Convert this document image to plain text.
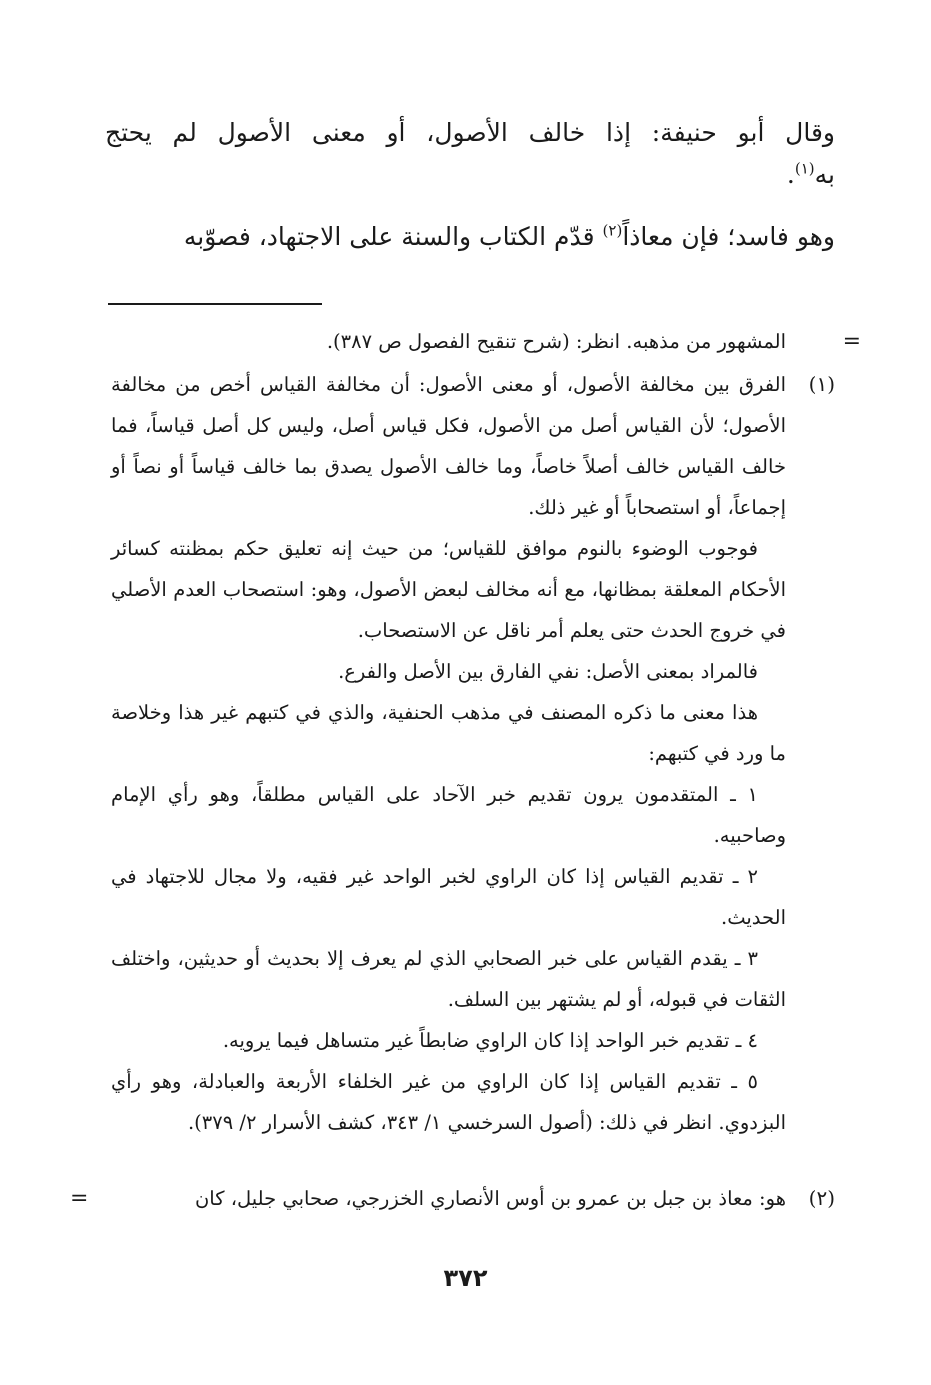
وقال أبو حنيفة: إذا خالف الأصول، أو معنى الأصول لم يحتج
به$^{(١)}$.
وهو فاسد؛ فإن معاذاً$^{(٢)}$ قدّم الكتاب والسنة على الاجتهاد، فصوّبه
=

المشهور من مذهبه. انظر: (شرح تنقيح الفصول ص ٣٨٧).

(١)

الفرق بين مخالفة الأصول، أو معنى الأصول: أن مخالفة القياس أخص من مخالفة الأصول؛ لأن القياس أصل من الأصول، فكل قياس أصل، وليس كل أصل قياساً، فما خالف القياس خالف أصلاً خاصاً، وما خالف الأصول يصدق بما خالف قياساً أو نصاً أو إجماعاً، أو استصحاباً أو غير ذلك.

فوجوب الوضوء بالنوم موافق للقياس؛ من حيث إنه تعليق حكم بمظنته كسائر الأحكام المعلقة بمظانها، مع أنه مخالف لبعض الأصول، وهو: استصحاب العدم الأصلي في خروج الحدث حتى يعلم أمر ناقل عن الاستصحاب.

فالمراد بمعنى الأصل: نفي الفارق بين الأصل والفرع.

هذا معنى ما ذكره المصنف في مذهب الحنفية، والذي في كتبهم غير هذا وخلاصة ما ورد في كتبهم:

١ ـ المتقدمون يرون تقديم خبر الآحاد على القياس مطلقاً، وهو رأي الإمام وصاحبيه.

٢ ـ تقديم القياس إذا كان الراوي لخبر الواحد غير فقيه، ولا مجال للاجتهاد في الحديث.

٣ ـ يقدم القياس على خبر الصحابي الذي لم يعرف إلا بحديث أو حديثين، واختلف الثقات في قبوله، أو لم يشتهر بين السلف.

٤ ـ تقديم خبر الواحد إذا كان الراوي ضابطاً غير متساهل فيما يرويه.

٥ ـ تقديم القياس إذا كان الراوي من غير الخلفاء الأربعة والعبادلة، وهو رأي البزدوي. انظر في ذلك: (أصول السرخسي ١/ ٣٤٣، كشف الأسرار ٢/ ٣٧٩).

(٢)

هو: معاذ بن جبل بن عمرو بن أوس الأنصاري الخزرجي، صحابي جليل، كان

=
٣٧٢
